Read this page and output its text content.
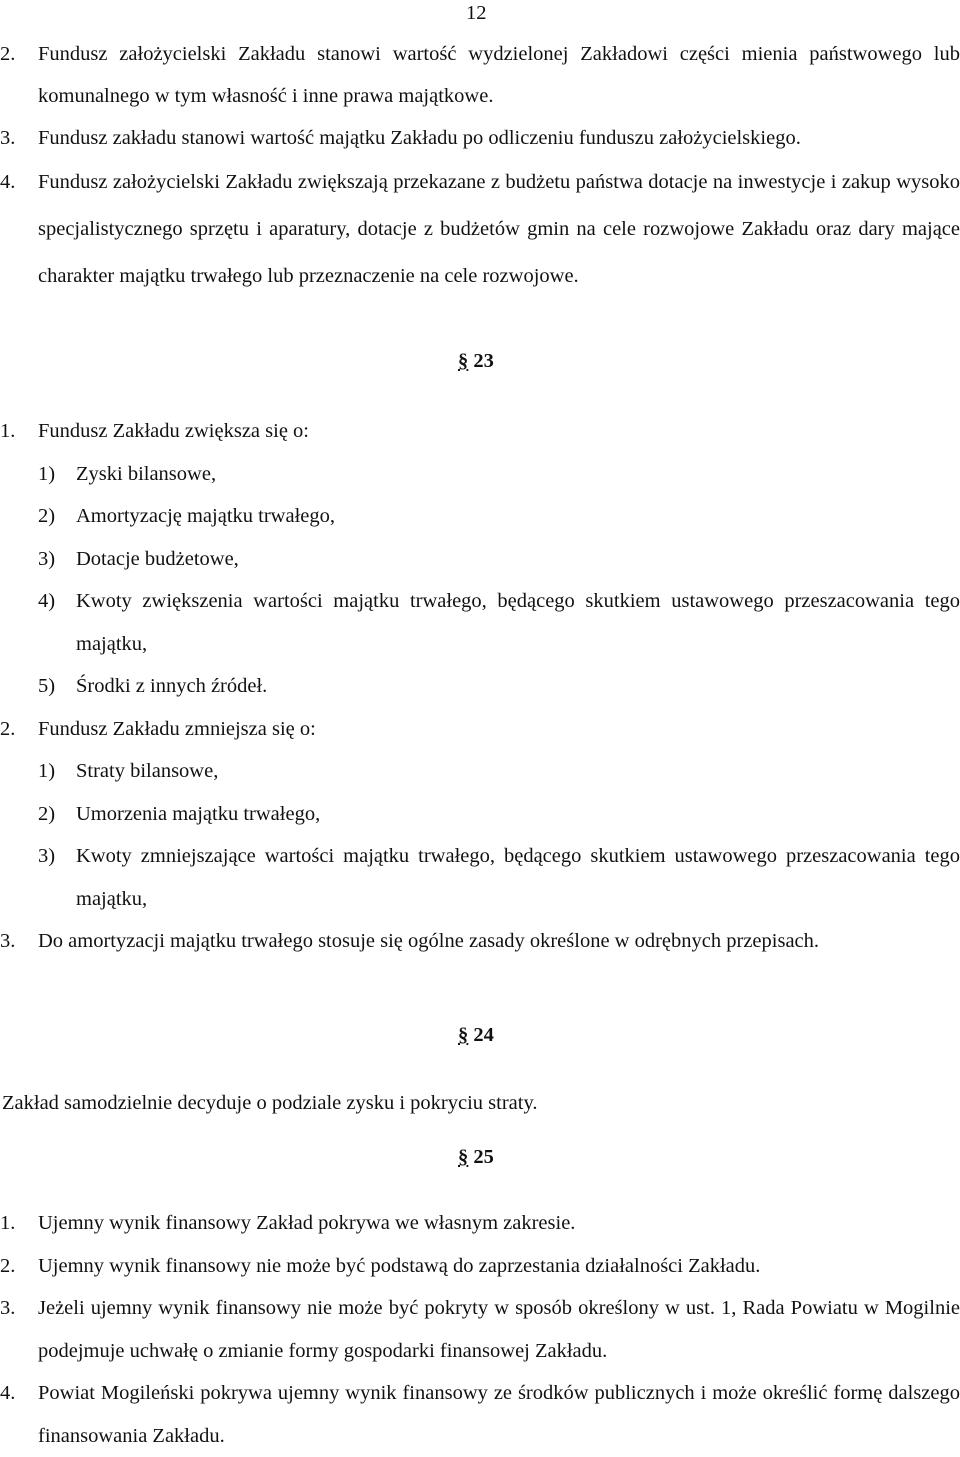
12
2.	Fundusz założycielski Zakładu stanowi wartość wydzielonej Zakładowi części mienia państwowego lub komunalnego w tym własność i inne prawa majątkowe.
3.	Fundusz zakładu stanowi wartość majątku Zakładu po odliczeniu funduszu założycielskiego.
4.	Fundusz założycielski Zakładu zwiększają przekazane z budżetu państwa dotacje na inwestycje i zakup wysoko specjalistycznego sprzętu i aparatury, dotacje z budżetów gmin na cele rozwojowe Zakładu oraz dary mające charakter majątku trwałego lub przeznaczenie na cele rozwojowe.
§ 23
1.	Fundusz Zakładu zwiększa się o:
1)	Zyski bilansowe,
2)	Amortyzację majątku trwałego,
3)	Dotacje budżetowe,
4)	Kwoty zwiększenia wartości majątku trwałego, będącego skutkiem ustawowego przeszacowania tego majątku,
5)	Środki z innych źródeł.
2.	Fundusz Zakładu zmniejsza się o:
1)	Straty bilansowe,
2)	Umorzenia majątku trwałego,
3)	Kwoty zmniejszające wartości majątku trwałego, będącego skutkiem ustawowego przeszacowania tego majątku,
3.	Do amortyzacji majątku trwałego stosuje się ogólne zasady określone w odrębnych przepisach.
§ 24
Zakład samodzielnie decyduje o podziale zysku i pokryciu straty.
§ 25
1.	Ujemny wynik finansowy Zakład pokrywa we własnym zakresie.
2.	Ujemny wynik finansowy nie może być podstawą do zaprzestania działalności Zakładu.
3.	Jeżeli ujemny wynik finansowy nie może być pokryty w sposób określony w ust. 1, Rada Powiatu w Mogilnie podejmuje uchwałę o zmianie formy gospodarki finansowej Zakładu.
4.	Powiat Mogileński pokrywa ujemny wynik finansowy ze środków publicznych i może określić formę dalszego finansowania Zakładu.
